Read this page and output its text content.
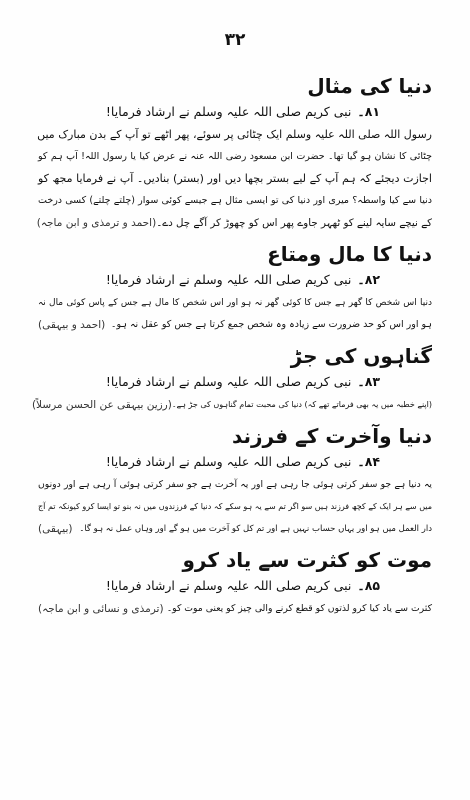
۳۲
دنیا کی مثال
۸۱۔
نبی کریم صلی اللہ علیہ وسلم نے ارشاد فرمایا!
رسول اللہ صلی اللہ علیہ وسلم ایک چٹائی پر سوئے، پھر اٹھے تو آپ کے بدن مبارک میں
چٹائی کا نشان ہو گیا تھا۔ حضرت ابن مسعود رضی اللہ عنہ نے عرض کیا یا رسول اللہ! آپ ہم کو
اجازت دیجئے کہ ہم آپ کے لیے بستر بچھا دیں اور (بستر) بنادیں۔ آپ نے فرمایا مجھ کو
دنیا سے کیا واسطہ؟ میری اور دنیا کی تو ایسی مثال ہے جیسے کوئی سوار (چلتے چلتے) کسی درخت
کے نیچے سایہ لینے کو ٹھہر جاوے پھر اس کو چھوڑ کر آگے چل دے۔
(احمد و ترمذی و ابن ماجہ)
دنیا کا مال ومتاع
۸۲۔
نبی کریم صلی اللہ علیہ وسلم نے ارشاد فرمایا!
دنیا اس شخص کا گھر ہے جس کا کوئی گھر نہ ہو اور اس شخص کا مال ہے جس کے پاس کوئی مال نہ
ہو اور اس کو حد ضرورت سے زیادہ وہ شخص جمع کرتا ہے جس کو عقل نہ ہو۔
(احمد و بیہقی)
گناہوں کی جڑ
۸۳۔
نبی کریم صلی اللہ علیہ وسلم نے ارشاد فرمایا!
(اپنے خطبہ میں یہ بھی فرماتے تھے کہ) دنیا کی محبت تمام گناہوں کی جڑ ہے۔
(رزین بیہقی عن الحسن مرسلاً)
دنیا وآخرت کے فرزند
۸۴۔
نبی کریم صلی اللہ علیہ وسلم نے ارشاد فرمایا!
یہ دنیا ہے جو سفر کرتی ہوئی جا رہی ہے اور یہ آخرت ہے جو سفر کرتی ہوئی آ رہی ہے اور دونوں
میں سے ہر ایک کے کچھ فرزند ہیں سو اگر تم سے یہ ہو سکے کہ دنیا کے فرزندوں میں نہ بنو تو ایسا کرو کیونکہ تم آج
دار العمل میں ہو اور یہاں حساب نہیں ہے اور تم کل کو آخرت میں ہو گے اور وہاں عمل نہ ہو گا۔
(بیہقی)
موت کو کثرت سے یاد کرو
۸۵۔
نبی کریم صلی اللہ علیہ وسلم نے ارشاد فرمایا!
کثرت سے یاد کیا کرو لذتوں کو قطع کرنے والی چیز کو یعنی موت کو۔
(ترمذی و نسائی و ابن ماجہ)
